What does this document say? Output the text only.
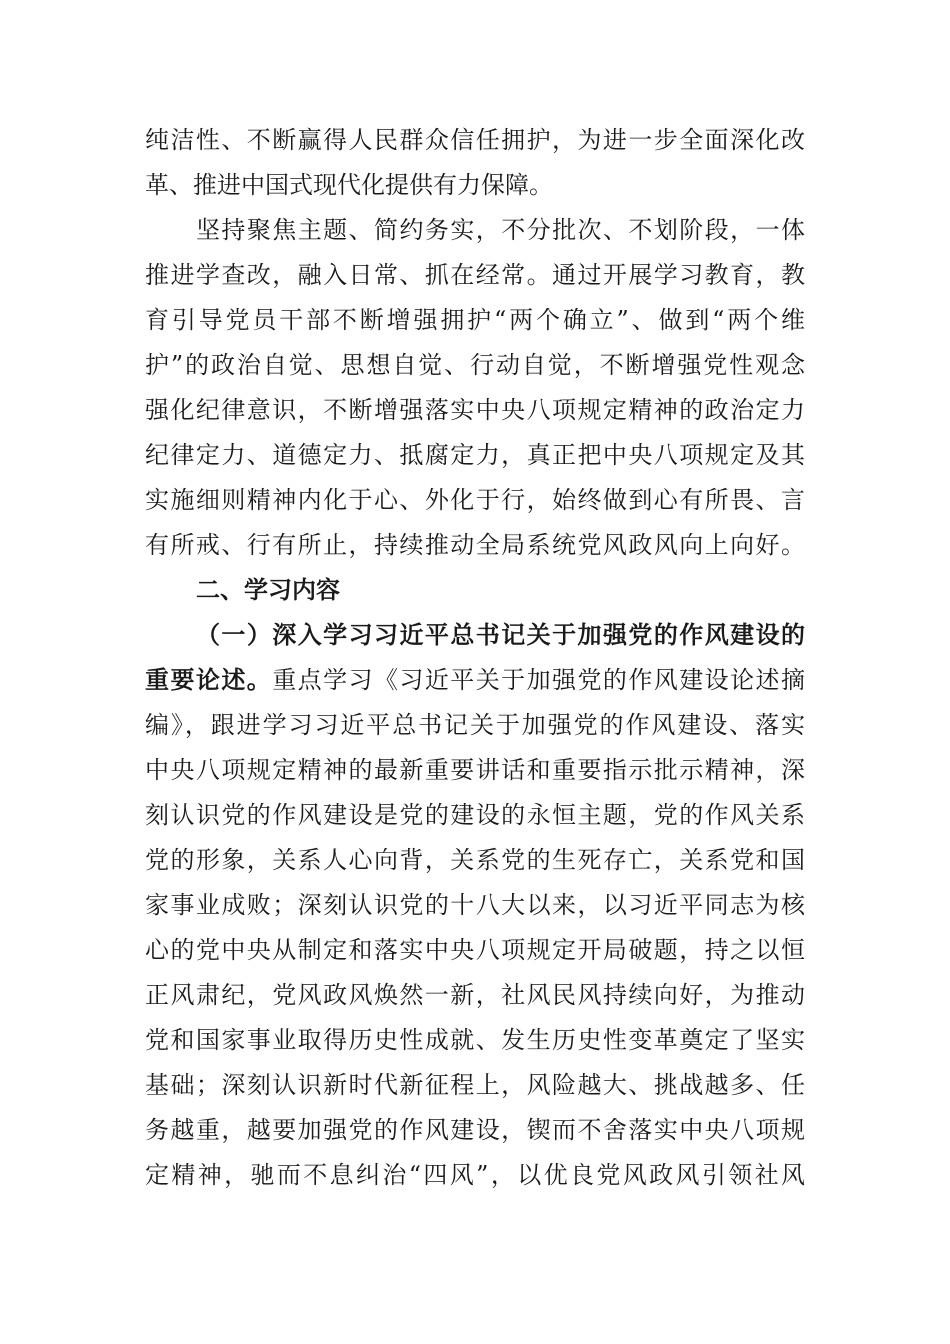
纯洁性、不断赢得人民群众信任拥护，为进一步全面深化改
革、推进中国式现代化提供有力保障。
坚持聚焦主题、简约务实，不分批次、不划阶段，一体
推进学查改，融入日常、抓在经常。通过开展学习教育，教
育引导党员干部不断增强拥护“两个确立”、做到“两个维
护”的政治自觉、思想自觉、行动自觉，不断增强党性观念
强化纪律意识，不断增强落实中央八项规定精神的政治定力
纪律定力、道德定力、抵腐定力，真正把中央八项规定及其
实施细则精神内化于心、外化于行，始终做到心有所畏、言
有所戒、行有所止，持续推动全局系统党风政风向上向好。
二、学习内容
（一）深入学习习近平总书记关于加强党的作风建设的
重要论述。重点学习《习近平关于加强党的作风建设论述摘
编》，跟进学习习近平总书记关于加强党的作风建设、落实
中央八项规定精神的最新重要讲话和重要指示批示精神，深
刻认识党的作风建设是党的建设的永恒主题，党的作风关系
党的形象，关系人心向背，关系党的生死存亡，关系党和国
家事业成败；深刻认识党的十八大以来，以习近平同志为核
心的党中央从制定和落实中央八项规定开局破题，持之以恒
正风肃纪，党风政风焕然一新，社风民风持续向好，为推动
党和国家事业取得历史性成就、发生历史性变革奠定了坚实
基础；深刻认识新时代新征程上，风险越大、挑战越多、任
务越重，越要加强党的作风建设，锲而不舍落实中央八项规
定精神，驰而不息纠治“四风”，以优良党风政风引领社风
